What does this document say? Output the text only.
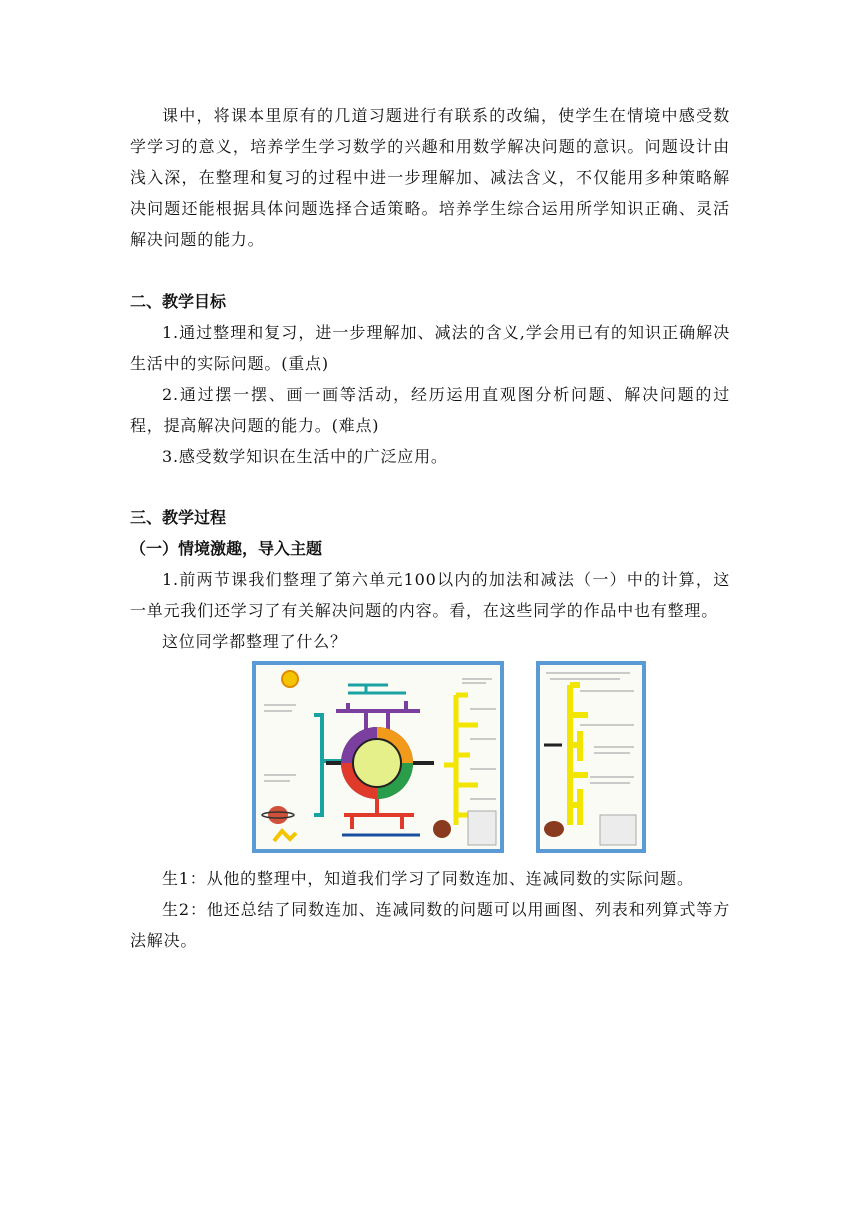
课中，将课本里原有的几道习题进行有联系的改编，使学生在情境中感受数学学习的意义，培养学生学习数学的兴趣和用数学解决问题的意识。问题设计由浅入深，在整理和复习的过程中进一步理解加、减法含义，不仅能用多种策略解决问题还能根据具体问题选择合适策略。培养学生综合运用所学知识正确、灵活解决问题的能力。

二、教学目标

1.通过整理和复习，进一步理解加、减法的含义,学会用已有的知识正确解决生活中的实际问题。(重点)

2.通过摆一摆、画一画等活动，经历运用直观图分析问题、解决问题的过程，提高解决问题的能力。(难点)

3.感受数学知识在生活中的广泛应用。

三、教学过程

（一）情境激趣，导入主题

1.前两节课我们整理了第六单元100以内的加法和减法（一）中的计算，这一单元我们还学习了有关解决问题的内容。看，在这些同学的作品中也有整理。

这位同学都整理了什么？

生1：从他的整理中，知道我们学习了同数连加、连减同数的实际问题。

生2：他还总结了同数连加、连减同数的问题可以用画图、列表和列算式等方法解决。
